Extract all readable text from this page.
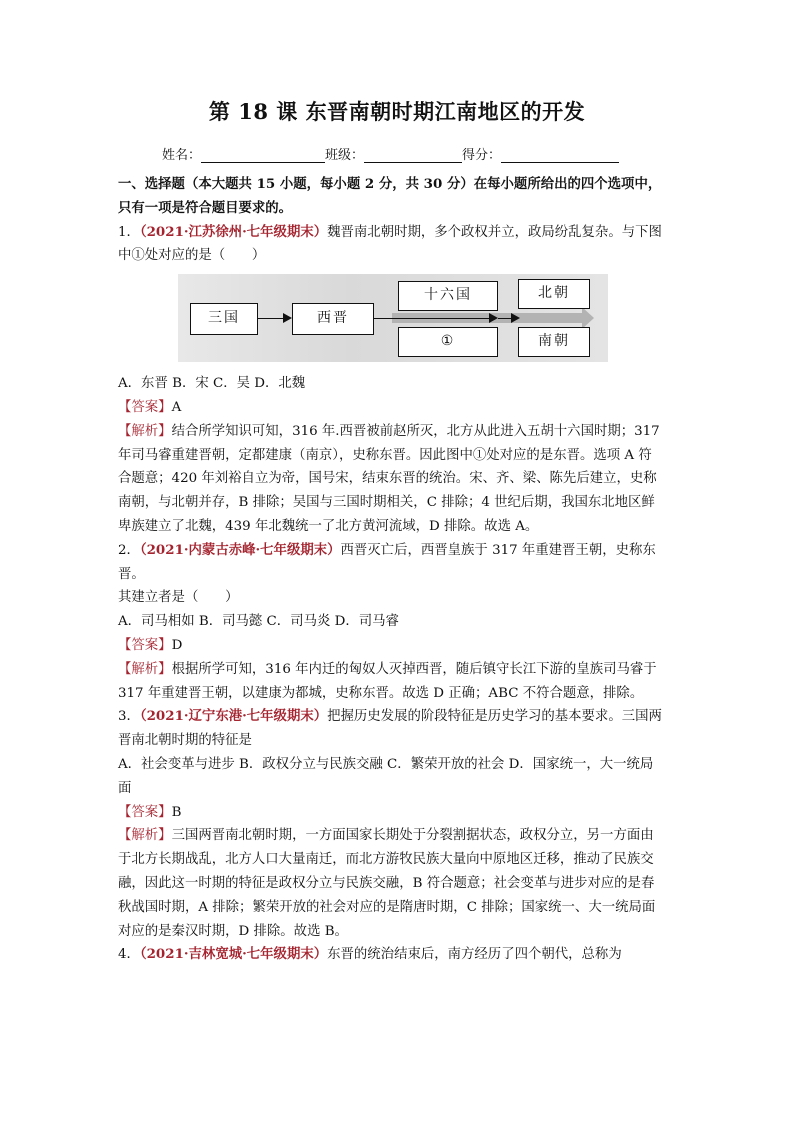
第 18 课 东晋南朝时期江南地区的开发
姓名：	班级：	得分：

一、选择题（本大题共 15 小题，每小题 2 分，共 30 分）在每小题所给出的四个选项中，

只有一项是符合题目要求的。

1．（2021·江苏徐州·七年级期末）魏晋南北朝时期，多个政权并立，政局纷乱复杂。与下图

中①处对应的是（　　）

三国	西晋
十六国
①
北朝
南朝

A．东晋 B．宋 C．吴 D．北魏

【答案】A

【解析】结合所学知识可知，316 年.西晋被前赵所灭，北方从此进入五胡十六国时期；317

年司马睿重建晋朝，定都建康（南京），史称东晋。因此图中①处对应的是东晋。选项 A 符

合题意；420 年刘裕自立为帝，国号宋，结束东晋的统治。宋、齐、梁、陈先后建立，史称

南朝，与北朝并存，B 排除；吴国与三国时期相关，C 排除；4 世纪后期，我国东北地区鲜

卑族建立了北魏，439 年北魏统一了北方黄河流域，D 排除。故选 A。

2．（2021·内蒙古赤峰·七年级期末）西晋灭亡后，西晋皇族于 317 年重建晋王朝，史称东晋。

其建立者是（　　）

A．司马相如 B．司马懿 C．司马炎 D．司马睿

【答案】D

【解析】根据所学可知，316 年内迁的匈奴人灭掉西晋，随后镇守长江下游的皇族司马睿于

317 年重建晋王朝，以建康为都城，史称东晋。故选 D 正确；ABC 不符合题意，排除。

3．（2021·辽宁东港·七年级期末）把握历史发展的阶段特征是历史学习的基本要求。三国两

晋南北朝时期的特征是

A．社会变革与进步 B．政权分立与民族交融 C．繁荣开放的社会 D．国家统一，大一统局

面

【答案】B

【解析】三国两晋南北朝时期，一方面国家长期处于分裂割据状态，政权分立，另一方面由

于北方长期战乱，北方人口大量南迁，而北方游牧民族大量向中原地区迁移，推动了民族交

融，因此这一时期的特征是政权分立与民族交融，B 符合题意；社会变革与进步对应的是春

秋战国时期，A 排除；繁荣开放的社会对应的是隋唐时期，C 排除；国家统一、大一统局面

对应的是秦汉时期，D 排除。故选 B。

4．（2021·吉林宽城·七年级期末）东晋的统治结束后，南方经历了四个朝代，总称为
